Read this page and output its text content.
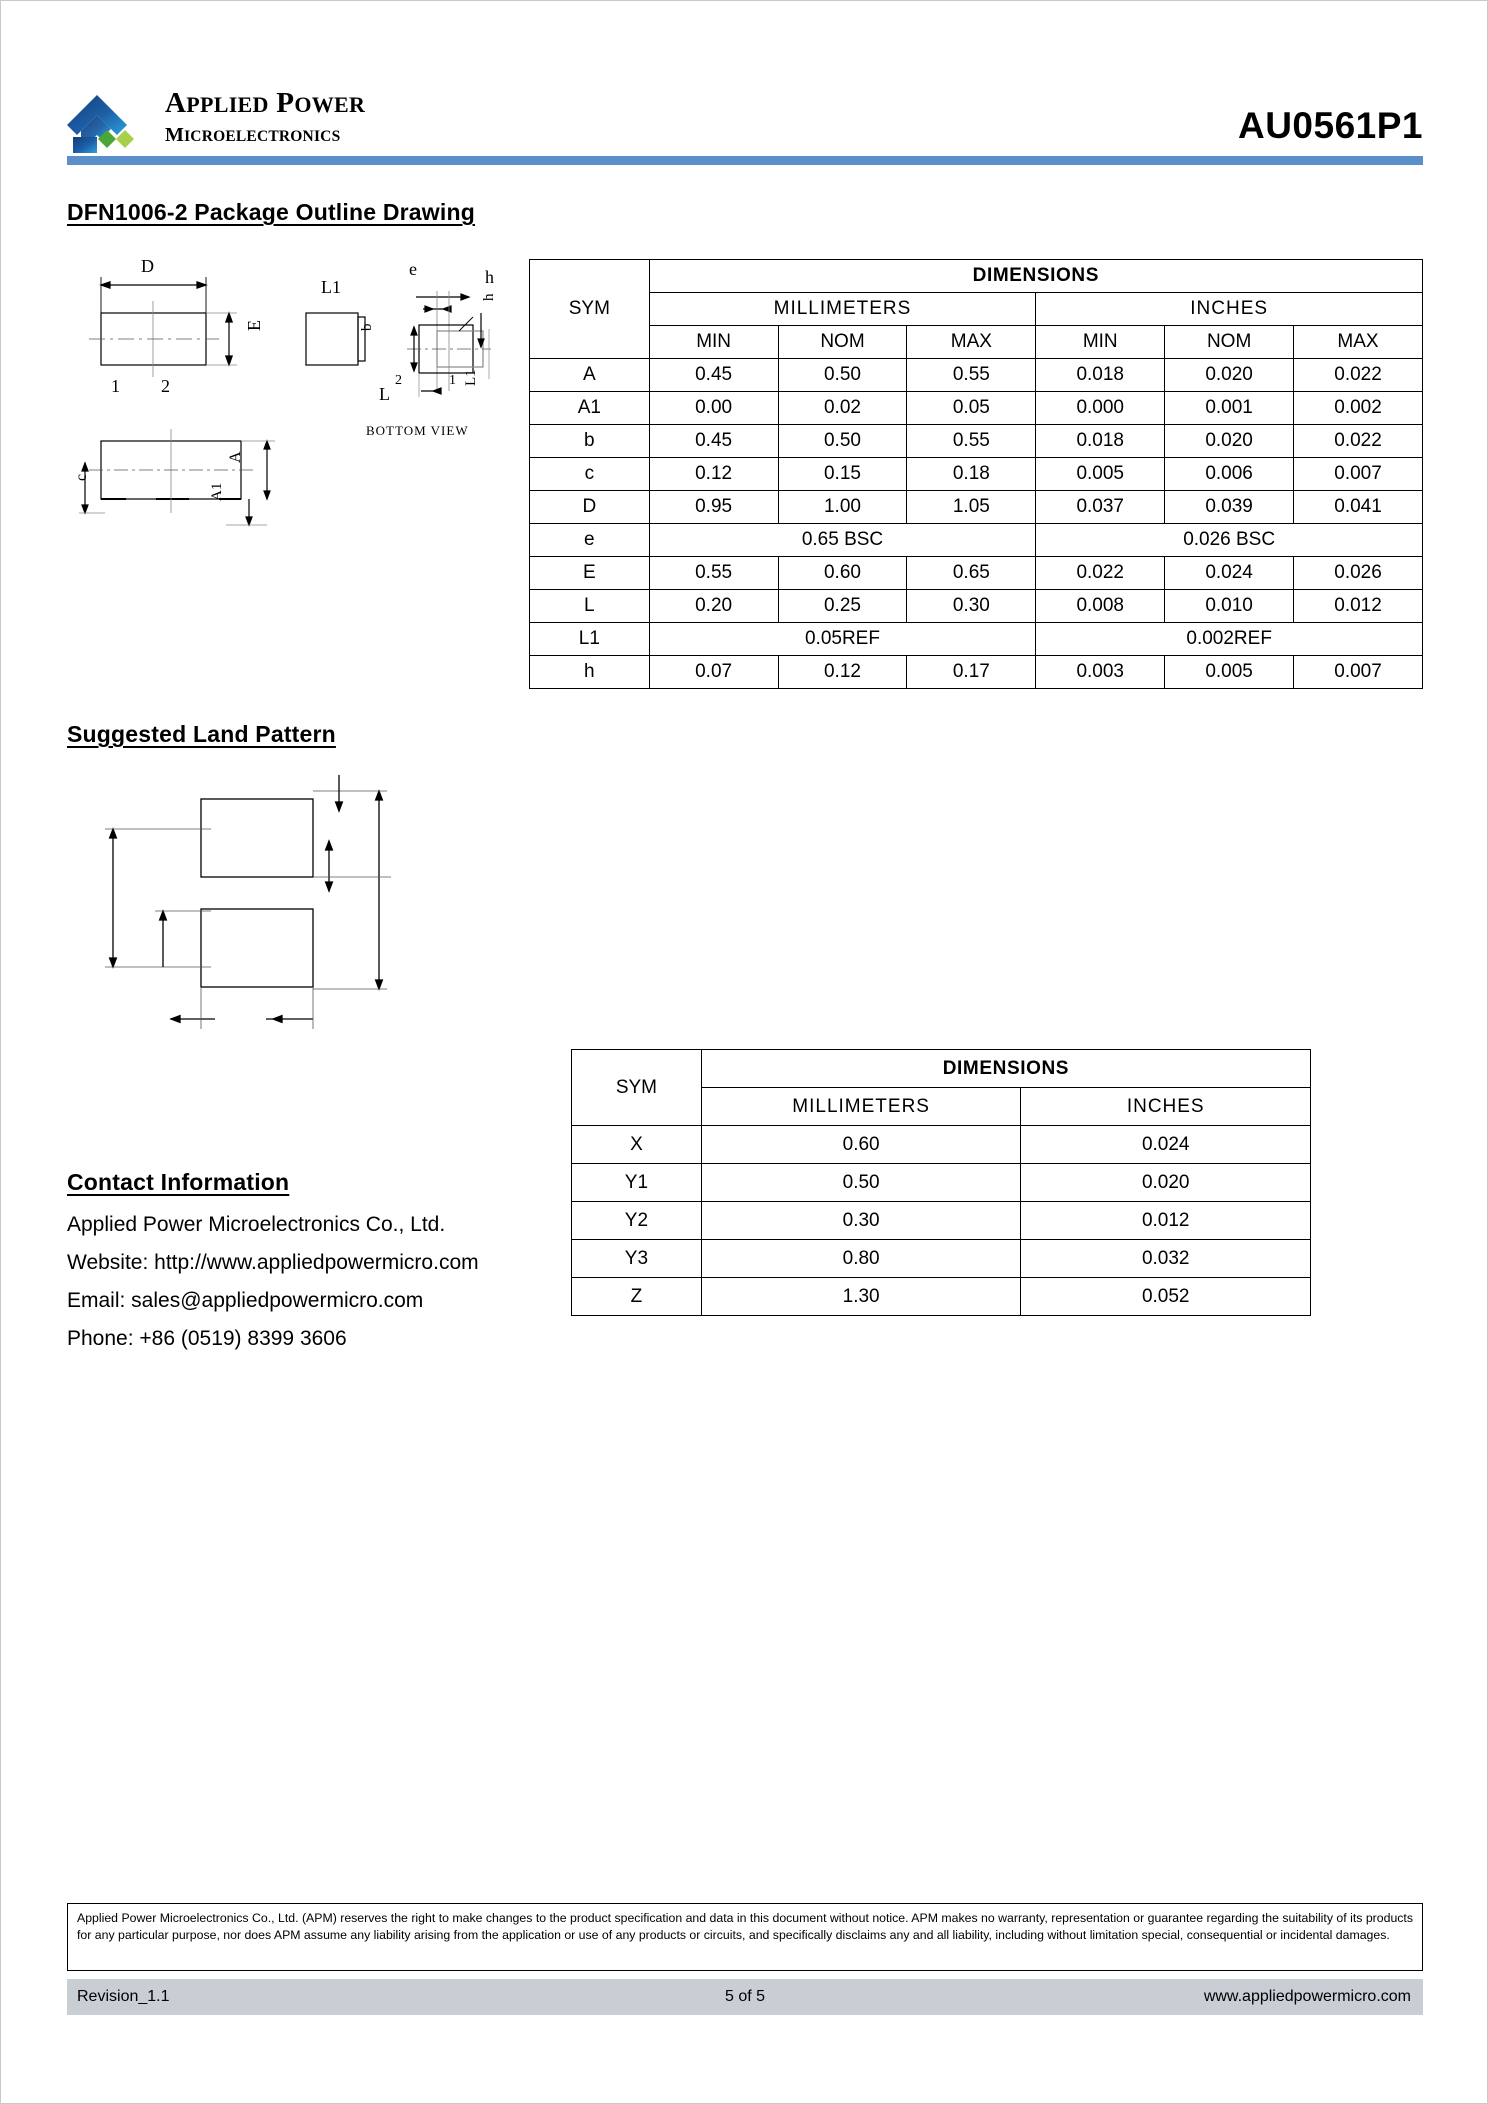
APPLIED POWER
MICROELECTRONICS	AU0561P1
DFN1006-2 Package Outline Drawing
D
E
1 2
e	h
h
b
L1
L1
L
2	1
BOTTOM VIEW
c
A
A1
SYM	DIMENSIONS					
	MILLIMETERS			INCHES		
	MIN	NOM	MAX	MIN	NOM	MAX
A	0.45	0.50	0.55	0.018	0.020	0.022
A1	0.00	0.02	0.05	0.000	0.001	0.002
b	0.45	0.50	0.55	0.018	0.020	0.022
c	0.12	0.15	0.18	0.005	0.006	0.007
D	0.95	1.00	1.05	0.037	0.039	0.041
e	0.65 BSC			0.026 BSC		
E	0.55	0.60	0.65	0.022	0.024	0.026
L	0.20	0.25	0.30	0.008	0.010	0.012
L1	0.05REF			0.002REF		
h	0.07	0.12	0.17	0.003	0.005	0.007
Suggested Land Pattern
SYM	DIMENSIONS	
	MILLIMETERS	INCHES
X	0.60	0.024
Y1	0.50	0.020
Y2	0.30	0.012
Y3	0.80	0.032
Z	1.30	0.052
Contact Information
Applied Power Microelectronics Co., Ltd.
Website: http://www.appliedpowermicro.com
Email: sales@appliedpowermicro.com
Phone: +86 (0519) 8399 3606
Applied Power Microelectronics Co., Ltd. (APM) reserves the right to make changes to the product specification and data in this document without notice. APM makes no warranty, representation or guarantee regarding the suitability of its products for any particular purpose, nor does APM assume any liability arising from the application or use of any products or circuits, and specifically disclaims any and all liability, including without limitation special, consequential or incidental damages.
Revision_1.1	5 of 5	www.appliedpowermicro.com
